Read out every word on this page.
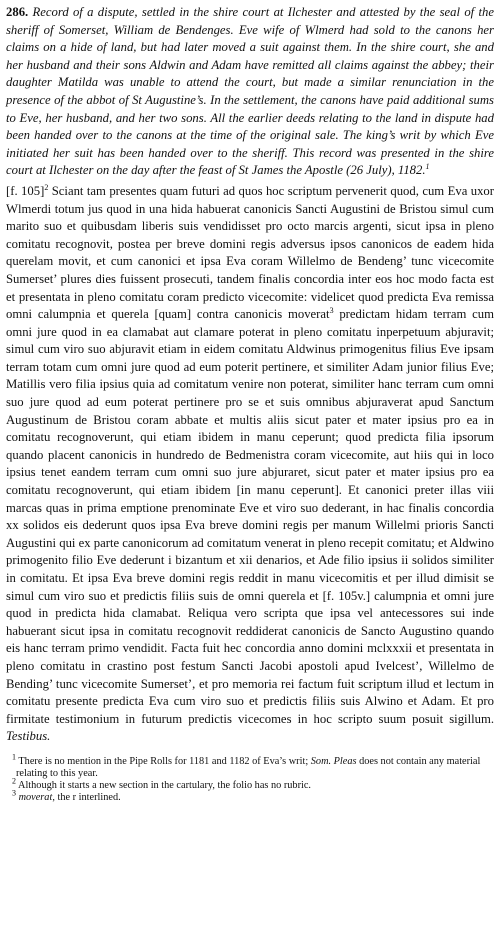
286. Record of a dispute, settled in the shire court at Ilchester and attested by the seal of the sheriff of Somerset, William de Bendenges. Eve wife of Wlmerd had sold to the canons her claims on a hide of land, but had later moved a suit against them. In the shire court, she and her husband and their sons Aldwin and Adam have remitted all claims against the abbey; their daughter Matilda was unable to attend the court, but made a similar renunciation in the presence of the abbot of St Augustine’s. In the settlement, the canons have paid additional sums to Eve, her husband, and her two sons. All the earlier deeds relating to the land in dispute had been handed over to the canons at the time of the original sale. The king’s writ by which Eve initiated her suit has been handed over to the sheriff. This record was presented in the shire court at Ilchester on the day after the feast of St James the Apostle (26 July), 1182.$^1$
[f. 105]$^2$ Sciant tam presentes quam futuri ad quos hoc scriptum pervenerit quod, cum Eva uxor Wlmerdi totum jus quod in una hida habuerat canonicis Sancti Augustini de Bristou simul cum marito suo et quibusdam liberis suis vendidisset pro octo marcis argenti, sicut ipsa in pleno comitatu recognovit, postea per breve domini regis adversus ipsos canonicos de eadem hida querelam movit, et cum canonici et ipsa Eva coram Willelmo de Bendeng’ tunc vicecomite Sumerset’ plures dies fuissent prosecuti, tandem finalis concordia inter eos hoc modo facta est et presentata in pleno comitatu coram predicto vicecomite: videlicet quod predicta Eva remissa omni calumpnia et querela [quam] contra canonicis moverat$^3$ predictam hidam terram cum omni jure quod in ea clamabat aut clamare poterat in pleno comitatu inperpetuum abjuravit; simul cum viro suo abjuravit etiam in eidem comitatu Aldwinus primogenitus filius Eve ipsam terram totam cum omni jure quod ad eum poterit pertinere, et similiter Adam junior filius Eve; Matillis vero filia ipsius quia ad comitatum venire non poterat, similiter hanc terram cum omni suo jure quod ad eum poterat pertinere pro se et suis omnibus abjuraverat apud Sanctum Augustinum de Bristou coram abbate et multis aliis sicut pater et mater ipsius pro ea in comitatu recognoverunt, qui etiam ibidem in manu ceperunt; quod predicta filia ipsorum quando placent canonicis in hundredo de Bedmenistra coram vicecomite, aut hiis qui in loco ipsius tenet eandem terram cum omni suo jure abjuraret, sicut pater et mater ipsius pro ea comitatu recognoverunt, qui etiam ibidem [in manu ceperunt]. Et canonici preter illas viii marcas quas in prima emptione prenominate Eve et viro suo dederant, in hac finalis concordia xx solidos eis dederunt quos ipsa Eva breve domini regis per manum Willelmi prioris Sancti Augustini qui ex parte canonicorum ad comitatum venerat in pleno recepit comitatu; et Aldwino primogenito filio Eve dederunt i bizantum et xii denarios, et Ade filio ipsius ii solidos similiter in comitatu. Et ipsa Eva breve domini regis reddit in manu vicecomitis et per illud dimisit se simul cum viro suo et predictis filiis suis de omni querela et [f. 105v.] calumpnia et omni jure quod in predicta hida clamabat. Reliqua vero scripta que ipsa vel antecessores sui inde habuerant sicut ipsa in comitatu recognovit reddiderat canonicis de Sancto Augustino quando eis hanc terram primo vendidit. Facta fuit hec concordia anno domini mclxxxii et presentata in pleno comitatu in crastino post festum Sancti Jacobi apostoli apud Ivelcest’, Willelmo de Bending’ tunc vicecomite Sumerset’, et pro memoria rei factum fuit scriptum illud et lectum in comitatu presente predicta Eva cum viro suo et predictis filiis suis Alwino et Adam. Et pro firmitate testimonium in futurum predictis vicecomes in hoc scripto suum posuit sigillum. Testibus.
$^1$ There is no mention in the Pipe Rolls for 1181 and 1182 of Eva’s writ; Som. Pleas does not contain any material relating to this year.
$^2$ Although it starts a new section in the cartulary, the folio has no rubric.
$^3$ moverat, the r interlined.
